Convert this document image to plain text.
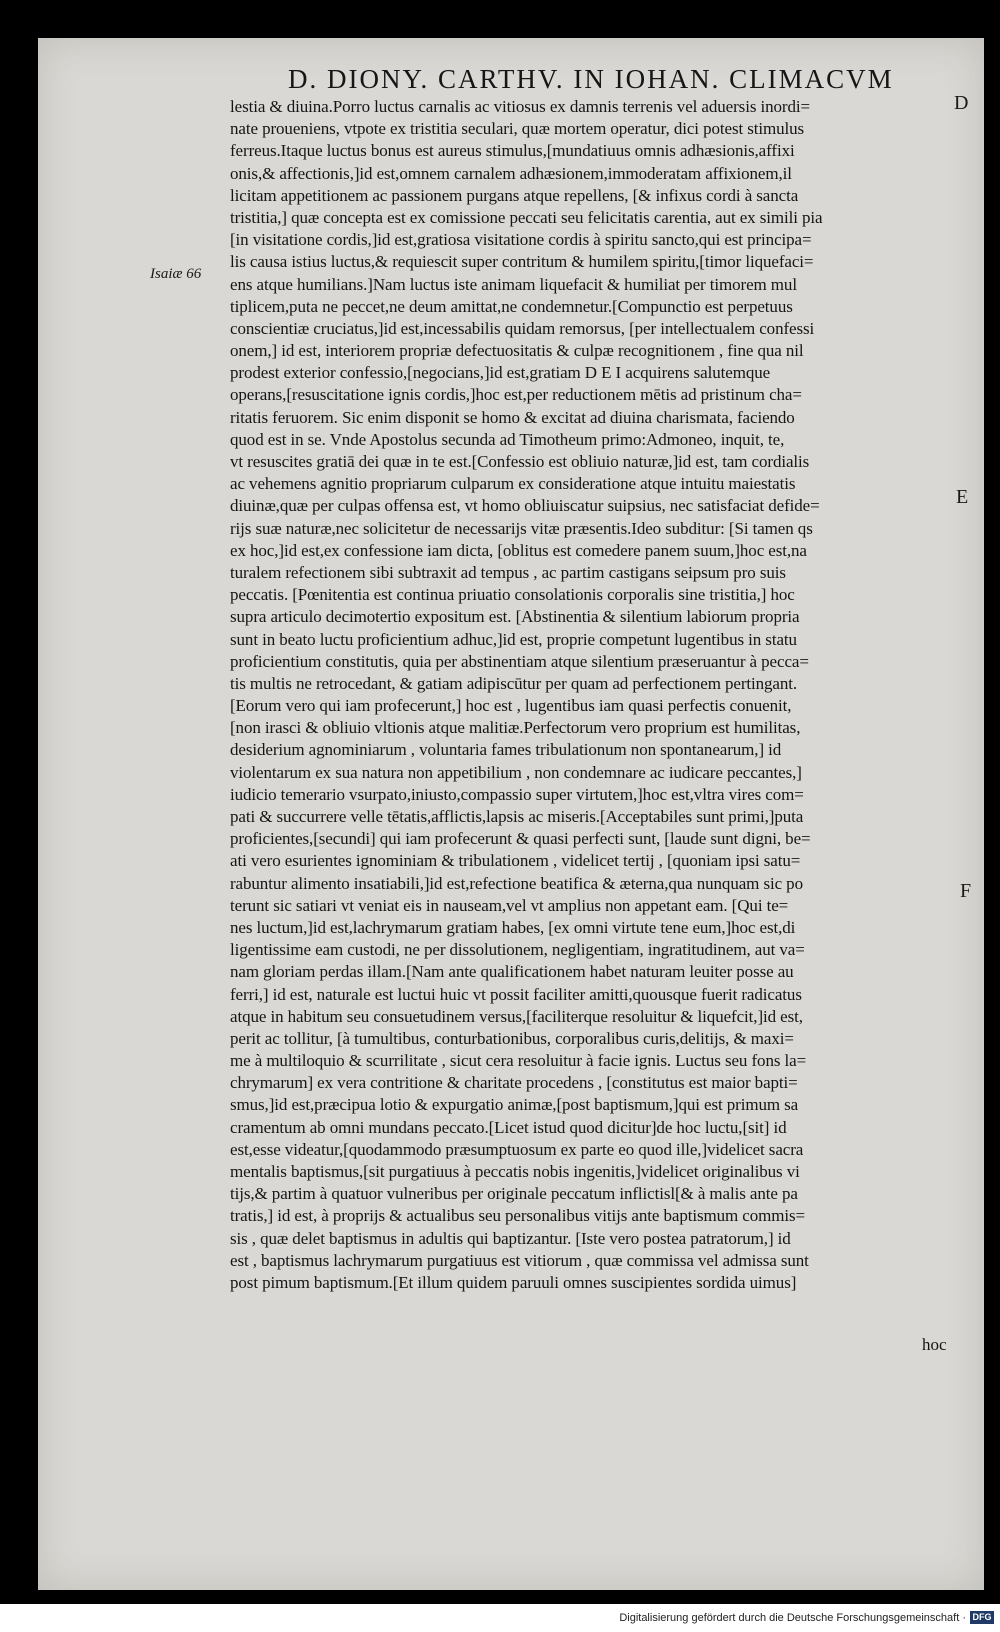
D. DIONY. CARTHV. IN IOHAN. CLIMACVM
Isaiæ 66
D
E
F
lestia & diuina.Porro luctus carnalis ac vitiosus ex damnis terrenis vel aduersis inordi=
nate proueniens, vtpote ex tristitia seculari, quæ mortem operatur, dici potest stimulus
ferreus.Itaque luctus bonus est aureus stimulus,[mundatiuus omnis adhæsionis,affixi
onis,& affectionis,]id est,omnem carnalem adhæsionem,immoderatam affixionem,il
licitam appetitionem ac passionem purgans atque repellens, [& infixus cordi à sancta
tristitia,] quæ concepta est ex comissione peccati seu felicitatis carentia, aut ex simili pia
[in visitatione cordis,]id est,gratiosa visitatione cordis à spiritu sancto,qui est principa=
lis causa istius luctus,& requiescit super contritum & humilem spiritu,[timor liquefaci=
ens atque humilians.]Nam luctus iste animam liquefacit & humiliat per timorem mul
tiplicem,puta ne peccet,ne deum amittat,ne condemnetur.[Compunctio est perpetuus
conscientiæ cruciatus,]id est,incessabilis quidam remorsus, [per intellectualem confessi
onem,] id est, interiorem propriæ defectuositatis & culpæ recognitionem , fine qua nil
prodest exterior confessio,[negocians,]id est,gratiam D E I acquirens salutemque
operans,[resuscitatione ignis cordis,]hoc est,per reductionem mētis ad pristinum cha=
ritatis feruorem. Sic enim disponit se homo & excitat ad diuina charismata, faciendo
quod est in se. Vnde Apostolus secunda ad Timotheum primo:Admoneo, inquit, te,
vt resuscites gratiā dei quæ in te est.[Confessio est obliuio naturæ,]id est, tam cordialis
ac vehemens agnitio propriarum culparum ex consideratione atque intuitu maiestatis
diuinæ,quæ per culpas offensa est, vt homo obliuiscatur suipsius, nec satisfaciat defide=
rijs suæ naturæ,nec solicitetur de necessarijs vitæ præsentis.Ideo subditur: [Si tamen qs
ex hoc,]id est,ex confessione iam dicta, [oblitus est comedere panem suum,]hoc est,na
turalem refectionem sibi subtraxit ad tempus , ac partim castigans seipsum pro suis
peccatis. [Pœnitentia est continua priuatio consolationis corporalis sine tristitia,] hoc
supra articulo decimotertio expositum est. [Abstinentia & silentium labiorum propria
sunt in beato luctu proficientium adhuc,]id est, proprie competunt lugentibus in statu
proficientium constitutis, quia per abstinentiam atque silentium præseruantur à pecca=
tis multis ne retrocedant, & gatiam adipiscūtur per quam ad perfectionem pertingant.
[Eorum vero qui iam profecerunt,] hoc est , lugentibus iam quasi perfectis conuenit,
[non irasci & obliuio vltionis atque malitiæ.Perfectorum vero proprium est humilitas,
desiderium agnominiarum , voluntaria fames tribulationum non spontanearum,] id
violentarum ex sua natura non appetibilium , non condemnare ac iudicare peccantes,]
iudicio temerario vsurpato,iniusto,compassio super virtutem,]hoc est,vltra vires com=
pati & succurrere velle tētatis,afflictis,lapsis ac miseris.[Acceptabiles sunt primi,]puta
proficientes,[secundi] qui iam profecerunt & quasi perfecti sunt, [laude sunt digni, be=
ati vero esurientes ignominiam & tribulationem , videlicet tertij , [quoniam ipsi satu=
rabuntur alimento insatiabili,]id est,refectione beatifica & æterna,qua nunquam sic po
terunt sic satiari vt veniat eis in nauseam,vel vt amplius non appetant eam. [Qui te=
nes luctum,]id est,lachrymarum gratiam habes, [ex omni virtute tene eum,]hoc est,di
ligentissime eam custodi, ne per dissolutionem, negligentiam, ingratitudinem, aut va=
nam gloriam perdas illam.[Nam ante qualificationem habet naturam leuiter posse au
ferri,] id est, naturale est luctui huic vt possit faciliter amitti,quousque fuerit radicatus
atque in habitum seu consuetudinem versus,[faciliterque resoluitur & liquefcit,]id est,
perit ac tollitur, [à tumultibus, conturbationibus, corporalibus curis,delitijs, & maxi=
me à multiloquio & scurrilitate , sicut cera resoluitur à facie ignis. Luctus seu fons la=
chrymarum] ex vera contritione & charitate procedens , [constitutus est maior bapti=
smus,]id est,præcipua lotio & expurgatio animæ,[post baptismum,]qui est primum sa
cramentum ab omni mundans peccato.[Licet istud quod dicitur]de hoc luctu,[sit] id
est,esse videatur,[quodammodo præsumptuosum ex parte eo quod ille,]videlicet sacra
mentalis baptismus,[sit purgatiuus à peccatis nobis ingenitis,]videlicet originalibus vi
tijs,& partim à quatuor vulneribus per originale peccatum inflictisl[& à malis ante pa
tratis,] id est, à proprijs & actualibus seu personalibus vitijs ante baptismum commis=
sis , quæ delet baptismus in adultis qui baptizantur. [Iste vero postea patratorum,] id
est , baptismus lachrymarum purgatiuus est vitiorum , quæ commissa vel admissa sunt
post pimum baptismum.[Et illum quidem paruuli omnes suscipientes sordida uimus]
hoc
Digitalisierung gefördert durch die Deutsche Forschungsgemeinschaft · DFG
